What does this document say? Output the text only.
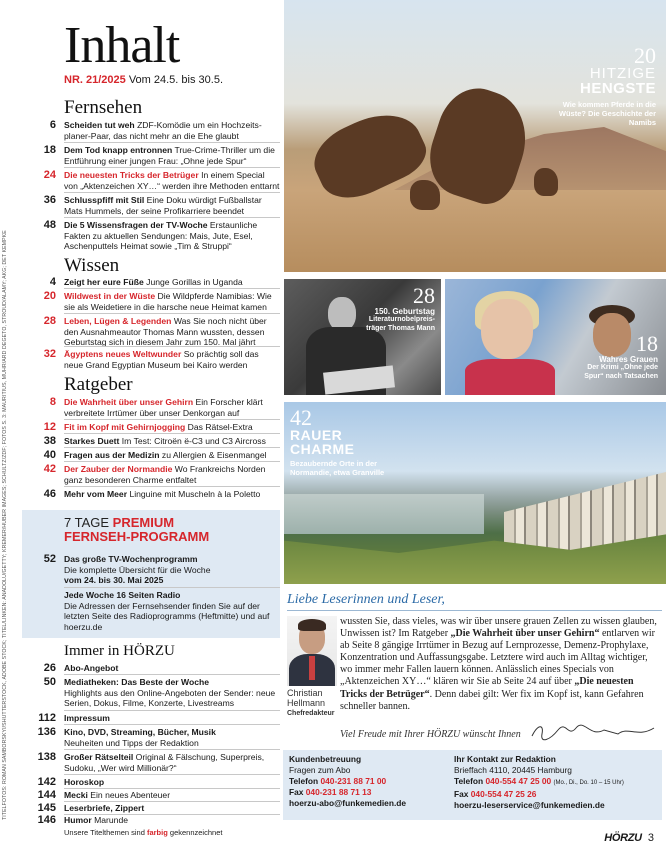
TITELFOTOS: ROMAN SAMBORSKYI/SHUTTERSTOCK, ADOBE STOCK; TITEL/LINKEN: ANADOLU/GETTY; KREMER/HUBER IMAGES; SCHULTZ/ZDF; FOTOS S. 3: MAURITIUS, MUHR/ARD DEGETO, STROUD/ALAMY; AKG; DET KEMPKE
Inhalt
NR. 21/2025 Vom 24.5. bis 30.5.
Fernsehen
6 Scheiden tut weh ZDF-Komödie um ein Hochzeitsplaner-Paar, das nicht mehr an die Ehe glaubt
18 Dem Tod knapp entronnen True-Crime-Thriller um die Entführung einer jungen Frau: „Ohne jede Spur“
24 Die neuesten Tricks der Betrüger In einem Special von „Aktenzeichen XY…“ werden ihre Methoden enttarnt
36 Schlusspfiff mit Stil Eine Doku würdigt Fußballstar Mats Hummels, der seine Profikarriere beendet
48 Die 5 Wissensfragen der TV-Woche Erstaunliche Fakten zu aktuellen Sendungen: Mais, Jute, Esel, Aschenputtels Heimat sowie „Tim & Struppi“
Wissen
4 Zeigt her eure Füße Junge Gorillas in Uganda
20 Wildwest in der Wüste Die Wildpferde Namibias: Wie sie als Weidetiere in die harsche neue Heimat kamen
28 Leben, Lügen & Legenden Was Sie noch nicht über den Ausnahmeautor Thomas Mann wussten, dessen Geburtstag sich in diesem Jahr zum 150. Mal jährt
32 Ägyptens neues Weltwunder So prächtig soll das neue Grand Egyptian Museum bei Kairo werden
Ratgeber
8 Die Wahrheit über unser Gehirn Ein Forscher klärt verbreitete Irrtümer über unser Denkorgan auf
12 Fit im Kopf mit Gehirnjogging Das Rätsel-Extra
38 Starkes Duett Im Test: Citroën ë-C3 und C3 Aircross
40 Fragen aus der Medizin zu Allergien & Eisenmangel
42 Der Zauber der Normandie Wo Frankreichs Norden ganz besonderen Charme entfaltet
46 Mehr vom Meer Linguine mit Muscheln à la Poletto
7 TAGE PREMIUM
FERNSEH-PROGRAMM
52 Das große TV-Wochenprogramm
Die komplette Übersicht für die Woche
vom 24. bis 30. Mai 2025
Jede Woche 16 Seiten Radio
Die Adressen der Fernsehsender finden Sie auf der letzten Seite des Radioprogramms (Heftmitte) und auf hoerzu.de
Immer in HÖRZU
26 Abo-Angebot
50 Mediatheken: Das Beste der Woche
Highlights aus den Online-Angeboten der Sender: neue Serien, Dokus, Filme, Konzerte, Livestreams
112 Impressum
136 Kino, DVD, Streaming, Bücher, Musik
Neuheiten und Tipps der Redaktion
138 Großer Rätselteil Original & Fälschung, Superpreis, Sudoku, „Wer wird Millionär?“
142 Horoskop
144 Mecki Ein neues Abenteuer
145 Leserbriefe, Zippert
146 Humor Marunde
Unsere Titelthemen sind farbig gekennzeichnet
20
HITZIGE
HENGSTE
Wie kommen Pferde in die Wüste? Die Geschichte der Namibs
28
150. Geburtstag
Literaturnobelpreisträger Thomas Mann
18
Wahres Grauen
Der Krimi „Ohne jede Spur“ nach Tatsachen
42
RAUER
CHARME
Bezaubernde Orte in der Normandie, etwa Granville
Liebe Leserinnen und Leser,
Christian
Hellmann
Chefredakteur
wussten Sie, dass vieles, was wir über unsere grauen Zellen zu wissen glauben, Unwissen ist? Im Ratgeber „Die Wahrheit über unser Gehirn“ entlarven wir ab Seite 8 gängige Irrtümer in Bezug auf Lernprozesse, Demenz-Prophylaxe, Konzentration und Auffassungsgabe. Letztere wird auch im Alltag wichtiger, wo immer mehr Fallen lauern können. Anlässlich eines Specials von „Aktenzeichen XY…“ klären wir Sie ab Seite 24 auf über „Die neuesten Tricks der Betrüger“. Denn dabei gilt: Wer fix im Kopf ist, kann Gefahren schneller bannen.
Viel Freude mit Ihrer HÖRZU wünscht Ihnen
Kundenbetreuung
Fragen zum Abo
Telefon 040-231 88 71 00
Fax 040-231 88 71 13
hoerzu-abo@funkemedien.de
Ihr Kontakt zur Redaktion
Brieffach 4110, 20445 Hamburg
Telefon 040-554 47 25 00 (Mo., Di., Do. 10 – 15 Uhr)
Fax 040-554 47 25 26
hoerzu-leserservice@funkemedien.de
HÖRZU 3
